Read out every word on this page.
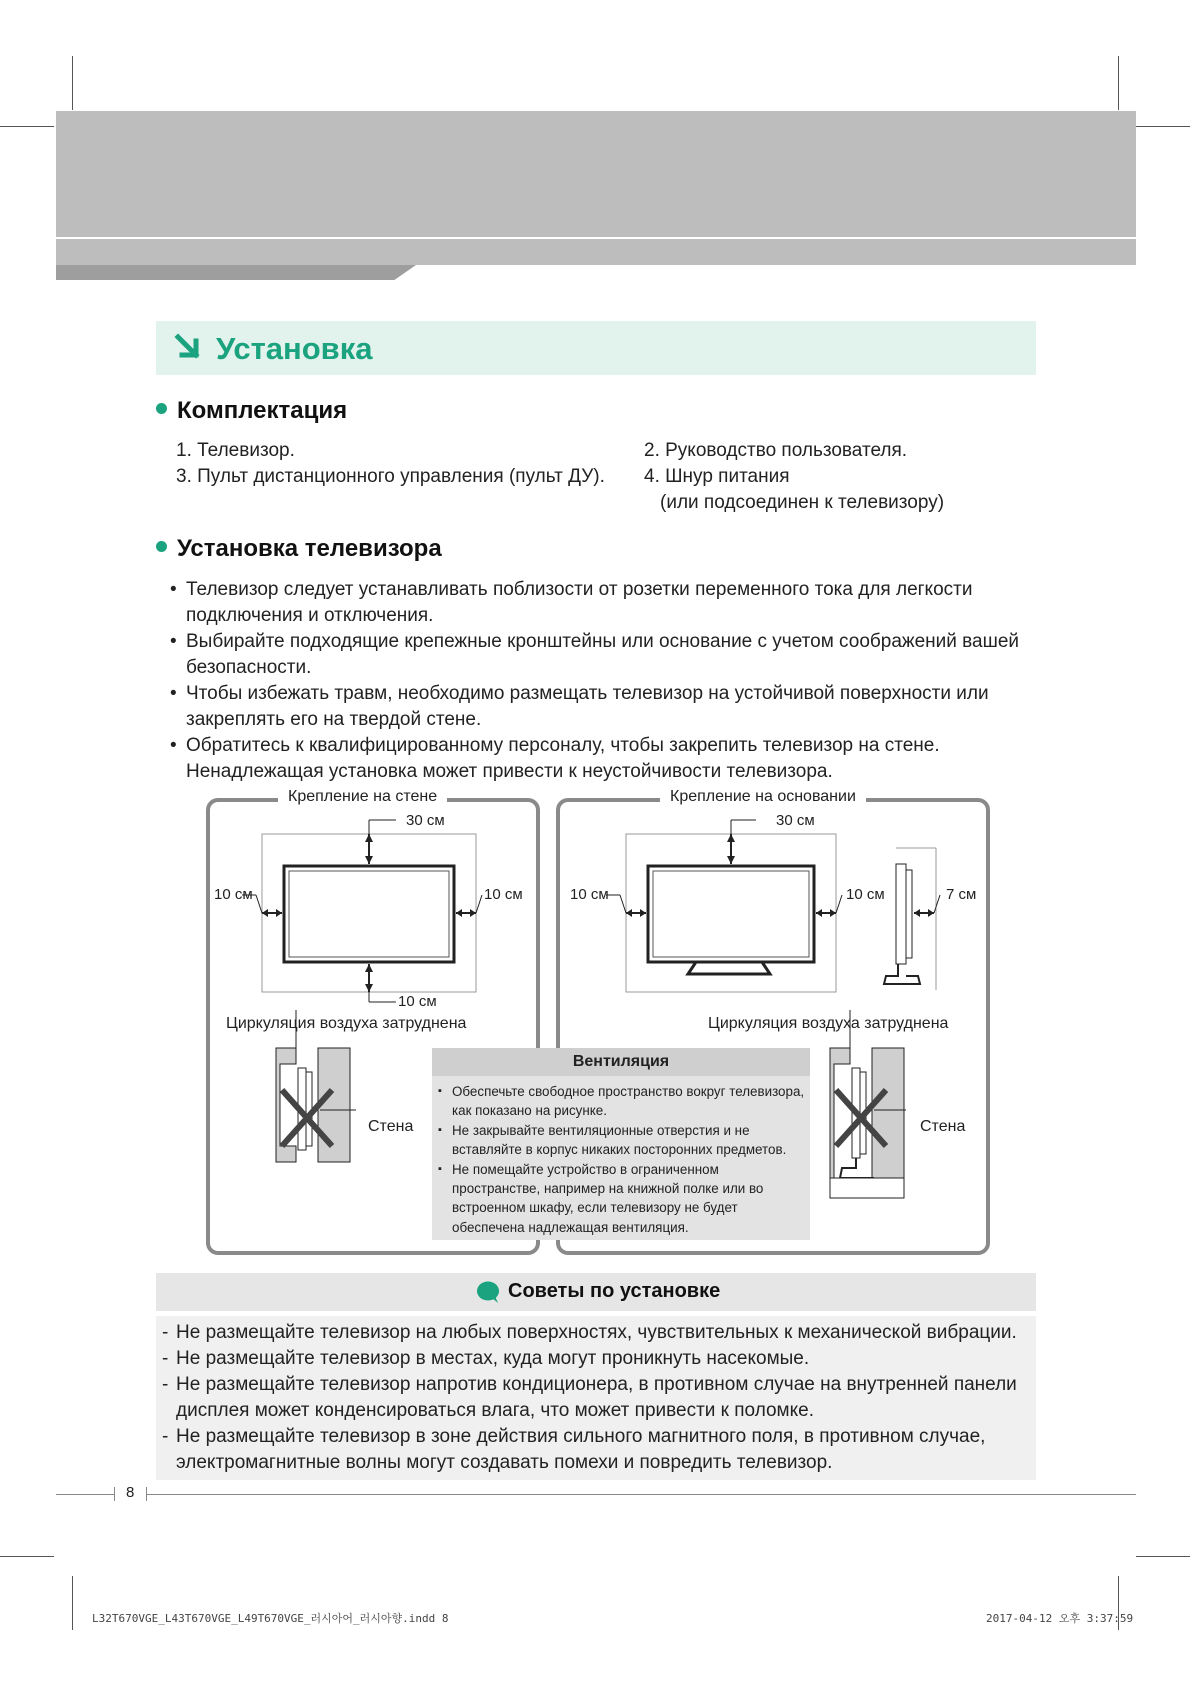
Установка
Комплектация
1. Телевизор.	2. Руководство пользователя.
3. Пульт дистанционного управления (пульт ДУ). 4. Шнур питания
(или подсоединен к телевизору)
Установка телевизора
• Телевизор следует устанавливать поблизости от розетки переменного тока для легкости подключения и отключения.
• Выбирайте подходящие крепежные кронштейны или основание с учетом соображений вашей безопасности.
• Чтобы избежать травм, необходимо размещать телевизор на устойчивой поверхности или закреплять его на твердой стене.
• Обратитесь к квалифицированному персоналу, чтобы закрепить телевизор на стене. Ненадлежащая установка может привести к неустойчивости телевизора.
Крепление на стене	Крепление на основании
30 см
10 см	10 см
10 см
Циркуляция воздуха затруднена
Стена
30 см
10 см	10 см	7 см
Циркуляция воздуха затруднена
Стена
Вентиляция
▪ Обеспечьте свободное пространство вокруг телевизора, как показано на рисунке.
▪ Не закрывайте вентиляционные отверстия и не вставляйте в корпус никаких посторонних предметов.
▪ Не помещайте устройство в ограниченном пространстве, например на книжной полке или во встроенном шкафу, если телевизору не будет обеспечена надлежащая вентиляция.
Советы по установке
- Не размещайте телевизор на любых поверхностях, чувствительных к механической вибрации.
- Не размещайте телевизор в местах, куда могут проникнуть насекомые.
- Не размещайте телевизор напротив кондиционера, в противном случае на внутренней панели дисплея может конденсироваться влага, что может привести к поломке.
- Не размещайте телевизор в зоне действия сильного магнитного поля, в противном случае, электромагнитные волны могут создавать помехи и повредить телевизор.
8
L32T670VGE_L43T670VGE_L49T670VGE_러시아어_러시아향.indd 8	2017-04-12 오후 3:37:59
